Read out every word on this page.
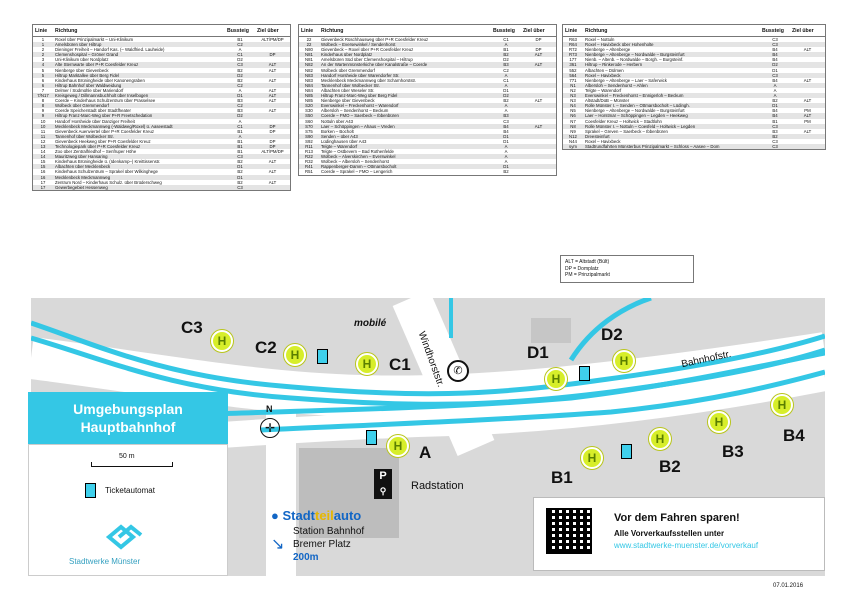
Linie	Richtung	Bussteig	Ziel über
1	Roxel über Prinzipalmarkt – Uni-Klinikum	B1	ALT/PM/DP
1	Amelsbüren über Hiltrup	C2	
2	Dieninger Freiheit – Handorf Kas. (– Waldfried. Lauheide)	A	
2	Clemenshospital – Gröner Grand	C1	DP
3	Uni-Klinikum über Nordplatz	D2	
4	Alte Sternwarte über P+R Coesfelder Kreuz	C3	ALT
5	Nienberge über Gievenbeck	B2	ALT
5	Hiltrup Marktallee über Berg Fidel	D2	
6	Kinderhaus Brüningheide über Kanonengraben	B2	ALT
6	Hiltrup Bahnhof über Waldweidung	C2	
7	Delmer / Südmühle über Mariendorf	A	ALT
7/N17	Kreisgeweg / Dillmannsbuchholt über Inselbogen	D1	ALT
8	Coerde – Kinderhaus Schulzentrum über Prasselsee	B3	ALT
8	Wolbeck über Gremmendorf	C2	
9	Coerde Speicherstadt über Stadtfheater	B3	ALT
9	Hiltrup Franz-Marc-Weg über P+R Freetschedation	D2	
10	Handorf Horsheide über Danziger Freiheit	A	
10	Mecklenbeck Meckmannweg (-Waldweg/Roxel) ü. Aaseestadt	C1	DP
11	Gievenbeck Auenviertel über P+R Coesfelder Kreuz	B1	DP
11	Tannenhof über Wolbecker Str.	A	
12	Gievenbeck Heekweg über P+R Coesfelder Kreuz	B1	DP
13	Technologiepark über P+R Coesfelder Kreuz	B1	DP
14	Zoo über Zentralfriedhof – Senfruper Höhe	B1	ALT/PM/DP
14	Mauritzweg über Hansaring	C3	
15	Kinderhaus Brüningheide ü. (Idenkamp–) Kreittissenstr.	B2	ALT
15	Albachten über Mecklenbeck	D1	
16	Kinderhaus Schulzentrum – Sprakel über Wilkinghege	B2	ALT
16	Mecklenbeck Meckmannweg	D1	
17	Zentrum Nord – Kinderhaus Schulz. über Brüderschweg	B2	ALT
17	Gewerbegebiet Hessenweg	C3	
Linie	Richtung	Bussteig	Ziel über
22	Gievenbeck Rüschhausweg über P+R Coesfelder Kreuz	C1	DP
22	Wolbeck – Eversewinkel / Sendenhorst	A	
N80	Gievenbeck – Roxel über P+R Coesfelder Kreuz	B1	DP
N81	Kinderhaus über Nordplatz	B2	ALT
N81	Amelsbüren Süd über Clemenshospital – Hiltrup	D2	
N82	An der Wartenmünsterkiche über Kanalstraße – Coerde	B3	ALT
N82	Wolbeck über Gremmendorf	C2	
N83	Handorf Horsheide über Warendorfer Str.	A	
N83	Mecklenbeck Meckmannweg über Scharnhorststr.	C1	
N84	Tannenhof über Wolbecker Str.	A	
N84	Albachten über Weseler Str.	D1	
N85	Hiltrup Franz-Marc-Weg über Berg Fidel	D2	
N85	Nienberge über Gievenbeck	B2	ALT
S20	Everswinkel – Freckenhorst – Warendorf	A	
S30	Albersloh – Sendenhorst – Beckum	A	
S50	Coerde – FMO – Saerbeck – Ibbenbüren	B3	
S60	Nottuln über A43	C3	
S70	Laer – Schöppingen – Ahaus – Vreden	B4	ALT
S75	Borken – Bocholt	B4	
S90	Senden – über A43	D1	
S92	Lüdinghausen über A43	D1	
R11	Telgte – Warendorf	A	
R13	Telgte – Ostbevern – Bad Rothenfelde	A	
R22	Wolbeck – Alverskirchen – Everswinkel	A	
R32	Wolbeck – Albersloh – Sendenhorst	A	
R41	Rappenberger-Damm – Ottmarsbocholt	D1	
R51	Coerde – Sprakel – FMO – Lengerich	B2	
Linie	Richtung	Bussteig	Ziel über
R63	Roxel – Nottuln	C3	
R64	Roxel – Havixbeck über Hohenholte	C3	
R72	Nienberge – Altenberge	B4	ALT
R73	Nienberge – Altenberge – Nordwalde – Burgsteinfurt	B4	
177	Nienb. – Altenb. – Nordwalde – Borgh. – Burgsteinf.	B4	
361	Hiltrup – Rinkerode – Herbern	D2	
552	Albachten – Dülmen	D1	
564	Roxel – Havixbeck	C3	
771	Nienberge – Altenberge – Laer – Saferwick	B4	ALT
N1	Albersloh – Sendenhorst – Ahlen	A	
N2	Telgte – Warendorf	A	
N3	Everswinkel – Freckenhorst – Ennigerloh – Beckum	A	
N3	Altstadt/DüB – Münster	B2	ALT
N4	Rolle Münster I. – Senden – Ottmarsbocholt – Lüdingh.	D1	
N5	Nienberge – Altenberge – Nordwalde – Burgsteinfurt	B4	PM
N6	Laer – Horstmar – Schöppingen – Legden – Heekweg	B4	ALT
N7	Coesfelder Kreuz – Holtwick – Stadtlohn	B1	PM
N8	Rolle Münster I. – Nottuln – Coesfeld – Holtwick – Legden	C3	
N9	Sprakel – Greven – Saerbeck – Ibbenbüren	B3	ALT
N12	Dreesteinfurt	B2	
N44	Roxel – Havixbeck	C3	
sym	Stadtrundfahrten Münsterbus Prinzipalmarkt – Schloss – Aasee – Dom	C3	
ALT = Altstadt (Bült)
DP = Domplatz
PM = Prinzipalmarkt
Windhorststr.	Bahnhofstr.
mobilé
✆
C3
C2
C1
D1
D2
A
B1
B2
B3
B4
H
H
H
H
H
H
H
H
H
H
N
✛
P
⚲	Radstation
● Stadtteilauto
Station Bahnhof
Bremer Platz
↘
200m
Umgebungsplan
Hauptbahnhof
50 m
Ticketautomat
Stadtwerke Münster
Vor dem Fahren sparen!
Alle Vorverkaufsstellen unter
www.stadtwerke-muenster.de/vorverkauf
07.01.2016
